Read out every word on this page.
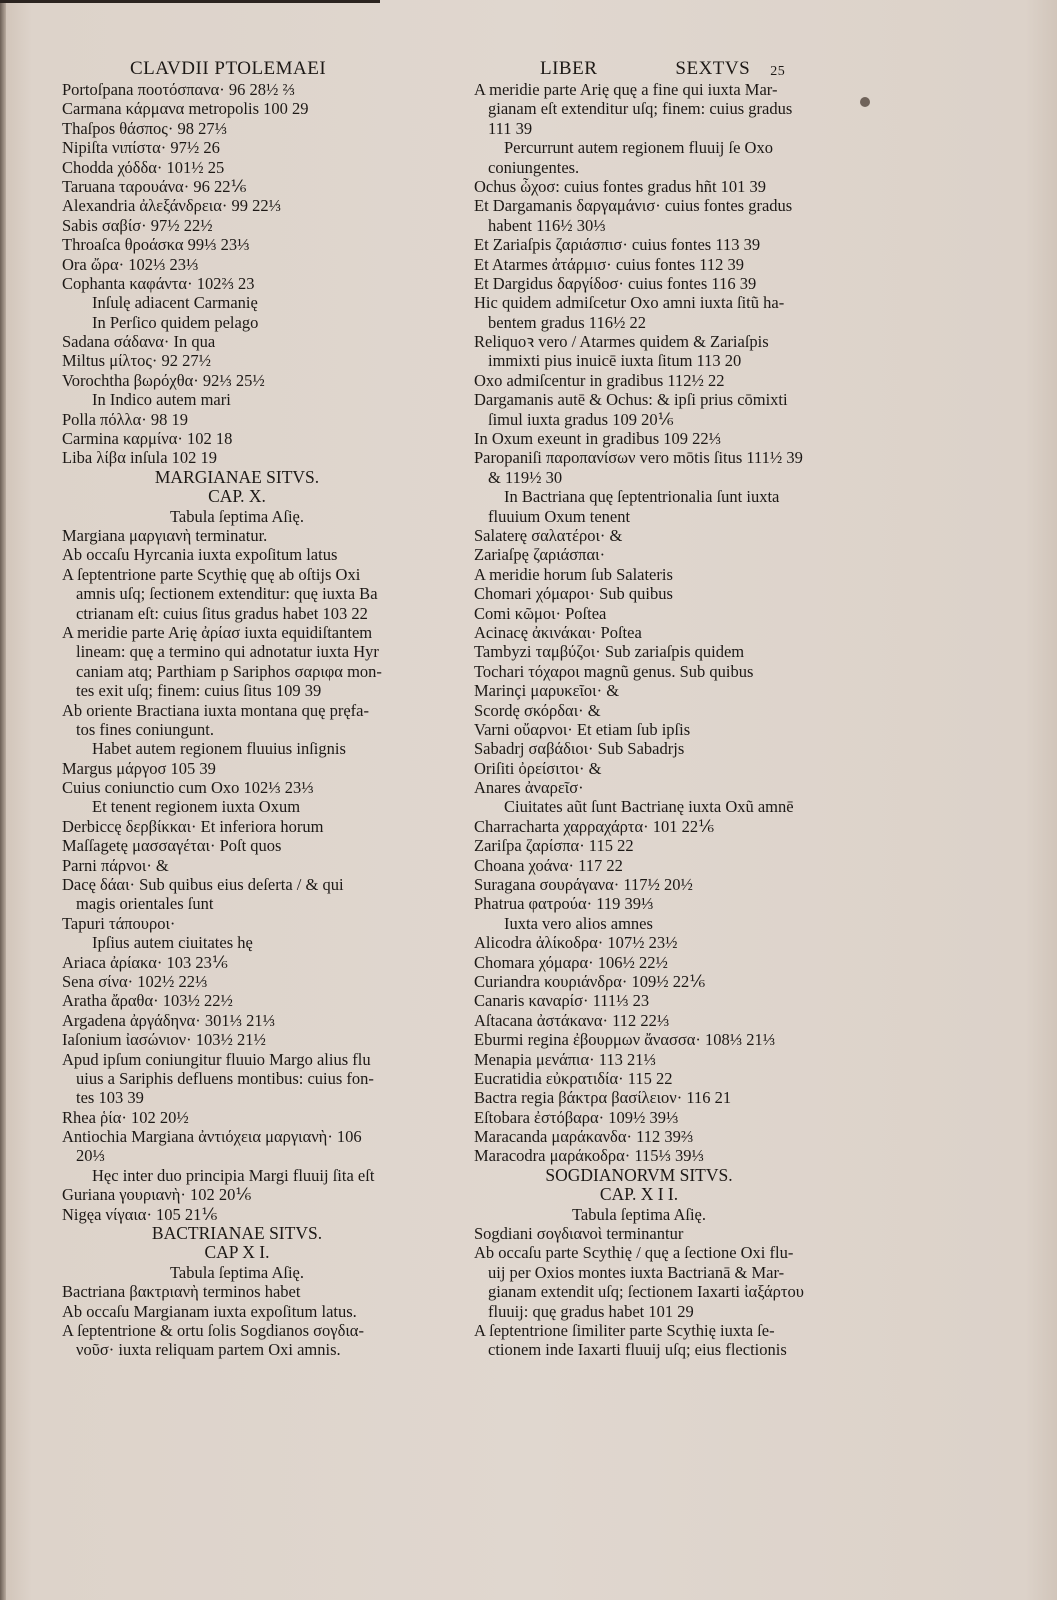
CLAVDII PTOLEMAEI
Portoſpana ποοτόσπανα· 96 28½ ⅔
Carmana κάρμανα metropolis 100 29
Thaſpos θάσπος· 98 27⅓
Nipiſta νιπίστα· 97½ 26
Chodda χόδδα· 101½ 25
Taruana ταρουάνα· 96 22⅙
Alexandria ἀλεξάνδρεια· 99 22⅓
Sabis σαβίσ· 97½ 22½
Throaſca θροάσκα 99⅓ 23⅓
Ora ὤρα· 102⅓ 23⅓
Cophanta καφάντα· 102⅔ 23
Inſulę adiacent Carmanię
In Perſico quidem pelago
Sadana σάδανα· In qua
Miltus μίλτος· 92 27½
Vorochtha βωρόχθα· 92⅓ 25½
In Indico autem mari
Polla πόλλα· 98 19
Carmina καρμίνα· 102 18
Liba λίβα inſula 102 19
MARGIANAE SITVS.
CAP. X.
Tabula ſeptima Aſię.
Margiana μαργιανὴ terminatur.
Ab occaſu Hyrcania iuxta expoſitum latus
A ſeptentrione parte Scythię quę ab oſtijs Oxi
amnis uſq; ſectionem extenditur: quę iuxta Ba
ctrianam eſt: cuius ſitus gradus habet 103 22
A meridie parte Arię ἀρίασ iuxta equidiſtantem
lineam: quę a termino qui adnotatur iuxta Hyr
caniam atq; Parthiam p Sariphos σαριφα mon-
tes exit uſq; finem: cuius ſitus 109 39
Ab oriente Bractiana iuxta montana quę pręfa-
tos fines coniungunt.
Habet autem regionem fluuius inſignis
Margus μάργοσ 105 39
Cuius coniunctio cum Oxo 102⅓ 23⅓
Et tenent regionem iuxta Oxum
Derbiccę δερβίκκαι· Et inferiora horum
Maſſagetę μασσαγέται· Poſt quos
Parni πάρνοι· &
Dacę δάαι· Sub quibus eius deſerta / & qui
magis orientales ſunt
Tapuri τάπουροι·
Ipſius autem ciuitates hę
Ariaca ἀρίακα· 103 23⅙
Sena σίνα· 102½ 22⅓
Aratha ἄραθα· 103½ 22½
Argadena ἀργάδηνα· 301⅓ 21⅓
Iaſonium ἰασώνιον· 103½ 21½
Apud ipſum coniungitur fluuio Margo alius flu
uius a Sariphis defluens montibus: cuius fon-
tes 103 39
Rhea ῥία· 102 20½
Antiochia Margiana ἀντιόχεια μαργιανὴ· 106
20⅓
Hęc inter duo principia Margi fluuij ſita eſt
Guriana γουριανὴ· 102 20⅙
Nigęa νίγαια· 105 21⅙
BACTRIANAE SITVS.
CAP X I.
Tabula ſeptima Aſię.
Bactriana βακτριανὴ terminos habet
Ab occaſu Margianam iuxta expoſitum latus.
A ſeptentrione & ortu ſolis Sogdianos σογδια-
νοῦσ· iuxta reliquam partem Oxi amnis.
LIBER	SEXTVS 25
A meridie parte Arię quę a fine qui iuxta Mar-
gianam eſt extenditur uſq; finem: cuius gradus
111 39
Percurrunt autem regionem fluuij ſe Oxo
coniungentes.
Ochus ὦχοσ: cuius fontes gradus hñt 101 39
Et Dargamanis δαργαμάνισ· cuius fontes gradus
habent 116½ 30⅓
Et Zariaſpis ζαριάσπισ· cuius fontes 113 39
Et Atarmes ἀτάρμισ· cuius fontes 112 39
Et Dargidus δαργίδοσ· cuius fontes 116 39
Hic quidem admiſcetur Oxo amni iuxta ſitũ ha-
bentem gradus 116½ 22
Reliquoꝛ vero / Atarmes quidem & Zariaſpis
immixti pius inuicē iuxta ſitum 113 20
Oxo admiſcentur in gradibus 112½ 22
Dargamanis autē & Ochus: & ipſi prius cōmixti
ſimul iuxta gradus 109 20⅙
In Oxum exeunt in gradibus 109 22⅓
Paropaniſi παροπανίσων vero mōtis ſitus 111½ 39
& 119½ 30
In Bactriana quę ſeptentrionalia ſunt iuxta
fluuium Oxum tenent
Salaterę σαλατέροι· &
Zariaſpę ζαριάσπαι·
A meridie horum ſub Salateris
Chomari χόμαροι· Sub quibus
Comi κῶμοι· Poſtea
Acinacę ἀκινάκαι· Poſtea
Tambyzi ταμβύζοι· Sub zariaſpis quidem
Tochari τόχαροι magnũ genus. Sub quibus
Marinçi μαρυκεῖοι· &
Scordę σκόρδαι· &
Varni οὔαρνοι· Et etiam ſub ipſis
Sabadrj σαβάδιοι· Sub Sabadrjs
Oriſiti ὀρείσιτοι· &
Anares ἀναρεῖσ·
Ciuitates aũt ſunt Bactrianę iuxta Oxũ amnē
Charracharta χαρραχάρτα· 101 22⅙
Zariſpa ζαρίσπα· 115 22
Choana χοάνα· 117 22
Suragana σουράγανα· 117½ 20½
Phatrua φατρούα· 119 39⅓
Iuxta vero alios amnes
Alicodra ἀλίκοδρα· 107½ 23½
Chomara χόμαρα· 106½ 22½
Curiandra κουριάνδρα· 109½ 22⅙
Canaris καναρίσ· 111⅓ 23
Aſtacana ἀστάκανα· 112 22⅓
Eburmi regina ἐβουρμων ἄνασσα· 108⅓ 21⅓
Menapia μενάπια· 113 21⅓
Eucratidia εὐκρατιδία· 115 22
Bactra regia βάκτρα βασίλειον· 116 21
Eſtobara ἐστόβαρα· 109½ 39⅓
Maracanda μαράκανδα· 112 39⅔
Maracodra μαράκοδρα· 115⅓ 39⅓
SOGDIANORVM SITVS.
CAP. X I I.
Tabula ſeptima Aſię.
Sogdiani σογδιανοὶ terminantur
Ab occaſu parte Scythię / quę a ſectione Oxi flu-
uij per Oxios montes iuxta Bactrianā & Mar-
gianam extendit uſq; ſectionem Iaxarti ἰαξάρτου
fluuij: quę gradus habet 101 29
A ſeptentrione ſimiliter parte Scythię iuxta ſe-
ctionem inde Iaxarti fluuij uſq; eius flectionis
